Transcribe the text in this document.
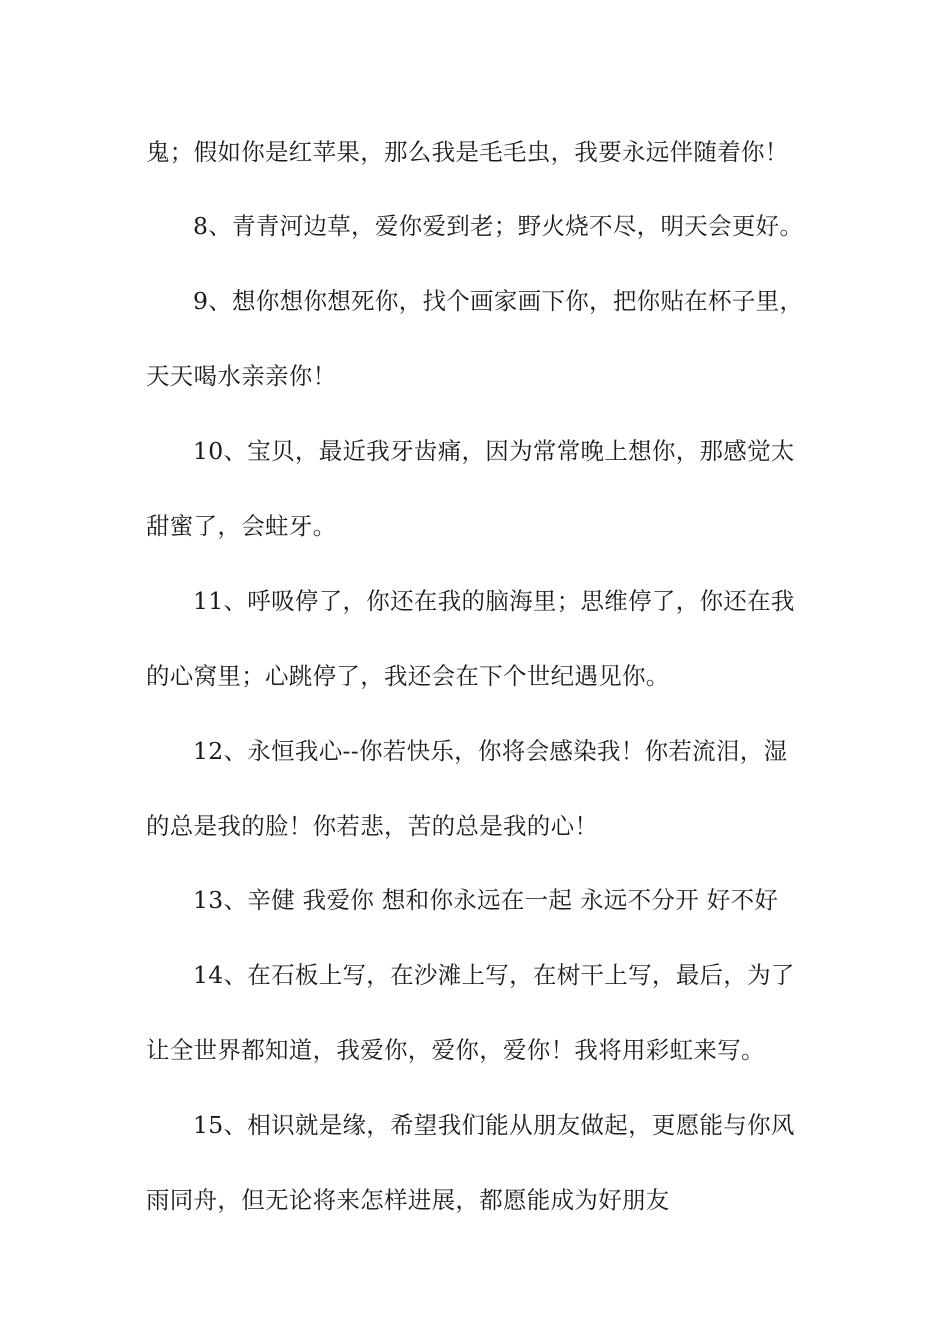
鬼；假如你是红苹果，那么我是毛毛虫，我要永远伴随着你！
8、青青河边草，爱你爱到老；野火烧不尽，明天会更好。
9、想你想你想死你，找个画家画下你，把你贴在杯子里，
天天喝水亲亲你！
10、宝贝，最近我牙齿痛，因为常常晚上想你，那感觉太
甜蜜了，会蛀牙。
11、呼吸停了，你还在我的脑海里；思维停了，你还在我
的心窝里；心跳停了，我还会在下个世纪遇见你。
12、永恒我心--你若快乐，你将会感染我！你若流泪，湿
的总是我的脸！你若悲，苦的总是我的心！
13、辛健 我爱你 想和你永远在一起 永远不分开 好不好
14、在石板上写，在沙滩上写，在树干上写，最后，为了
让全世界都知道，我爱你，爱你，爱你！我将用彩虹来写。
15、相识就是缘，希望我们能从朋友做起，更愿能与你风
雨同舟，但无论将来怎样进展，都愿能成为好朋友
